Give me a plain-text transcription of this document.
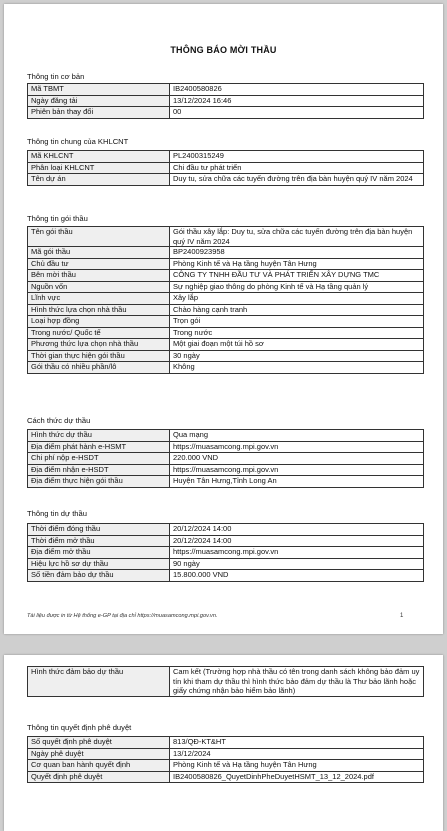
THÔNG BÁO MỜI THẦU
Thông tin cơ bản
Mã TBMT	IB2400580826
Ngày đăng tải	13/12/2024 16:46
Phiên bản thay đổi	00
Thông tin chung của KHLCNT
Mã KHLCNT	PL2400315249
Phân loại KHLCNT	Chi đầu tư phát triển
Tên dự án	Duy tu, sửa chữa các tuyến đường trên địa bàn huyện quý IV năm 2024
Thông tin gói thầu
Tên gói thầu	Gói thầu xây lắp: Duy tu, sửa chữa các tuyến đường trên địa bàn huyện quý IV năm 2024
Mã gói thầu	BP2400923958
Chủ đầu tư	Phòng Kinh tế và Hạ tầng huyện Tân Hưng
Bên mời thầu	CÔNG TY TNHH ĐẦU TƯ VÀ PHÁT TRIỂN XÂY DỰNG TMC
Nguồn vốn	Sự nghiệp giao thông do phòng Kinh tế và Hạ tầng quản lý
Lĩnh vực	Xây lắp
Hình thức lựa chọn nhà thầu	Chào hàng cạnh tranh
Loại hợp đồng	Trọn gói
Trong nước/ Quốc tế	Trong nước
Phương thức lựa chọn nhà thầu	Một giai đoạn một túi hồ sơ
Thời gian thực hiện gói thầu	30 ngày
Gói thầu có nhiều phần/lô	Không
Cách thức dự thầu
Hình thức dự thầu	Qua mạng
Địa điểm phát hành e-HSMT	https://muasamcong.mpi.gov.vn
Chi phí nộp e-HSDT	220.000 VND
Địa điểm nhận e-HSDT	https://muasamcong.mpi.gov.vn
Địa điểm thực hiện gói thầu	Huyện Tân Hưng,Tỉnh Long An
Thông tin dự thầu
Thời điểm đóng thầu	20/12/2024 14:00
Thời điểm mở thầu	20/12/2024 14:00
Địa điểm mở thầu	https://muasamcong.mpi.gov.vn
Hiệu lực hồ sơ dự thầu	90 ngày
Số tiền đảm bảo dự thầu	15.800.000 VND
Tài liệu được in từ Hệ thống e-GP tại địa chỉ https://muasamcong.mpi.gov.vn.	1
Hình thức đảm bảo dự thầu	Cam kết (Trường hợp nhà thầu có tên trong danh sách không bảo đảm uy tín khi tham dự thầu thì hình thức bảo đảm dự thầu là Thư bảo lãnh hoặc giấy chứng nhận bảo hiểm bảo lãnh)
Thông tin quyết định phê duyệt
Số quyết định phê duyệt	813/QĐ-KT&HT
Ngày phê duyệt	13/12/2024
Cơ quan ban hành quyết định	Phòng Kinh tế và Hạ tầng huyện Tân Hưng
Quyết định phê duyệt	IB2400580826_QuyetDinhPheDuyetHSMT_13_12_2024.pdf
